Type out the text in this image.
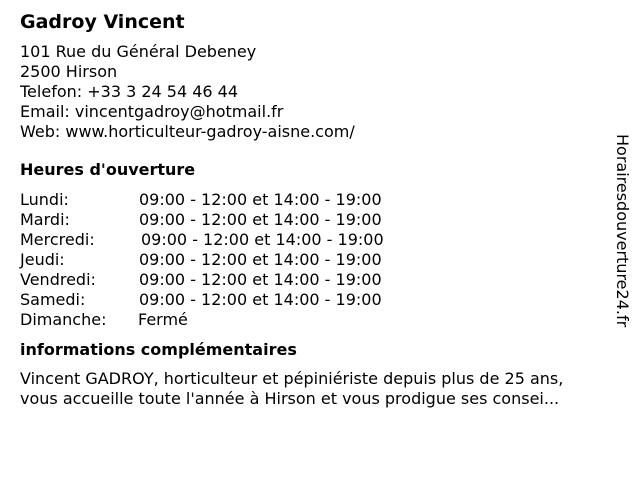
Gadroy Vincent
101 Rue du Général Debeney
2500 Hirson
Telefon: +33 3 24 54 46 44
Email: vincentgadroy@hotmail.fr
Web: www.horticulteur-gadroy-aisne.com/
Heures d'ouverture
Lundi:	09:00 - 12:00 et 14:00 - 19:00
Mardi:	09:00 - 12:00 et 14:00 - 19:00
Mercredi:	09:00 - 12:00 et 14:00 - 19:00
Jeudi:	09:00 - 12:00 et 14:00 - 19:00
Vendredi:	09:00 - 12:00 et 14:00 - 19:00
Samedi:	09:00 - 12:00 et 14:00 - 19:00
Dimanche: Fermé
informations complémentaires
Vincent GADROY, horticulteur et pépiniériste depuis plus de 25 ans,
vous accueille toute l'année à Hirson et vous prodigue ses consei...
Horairesdouverture24.fr
